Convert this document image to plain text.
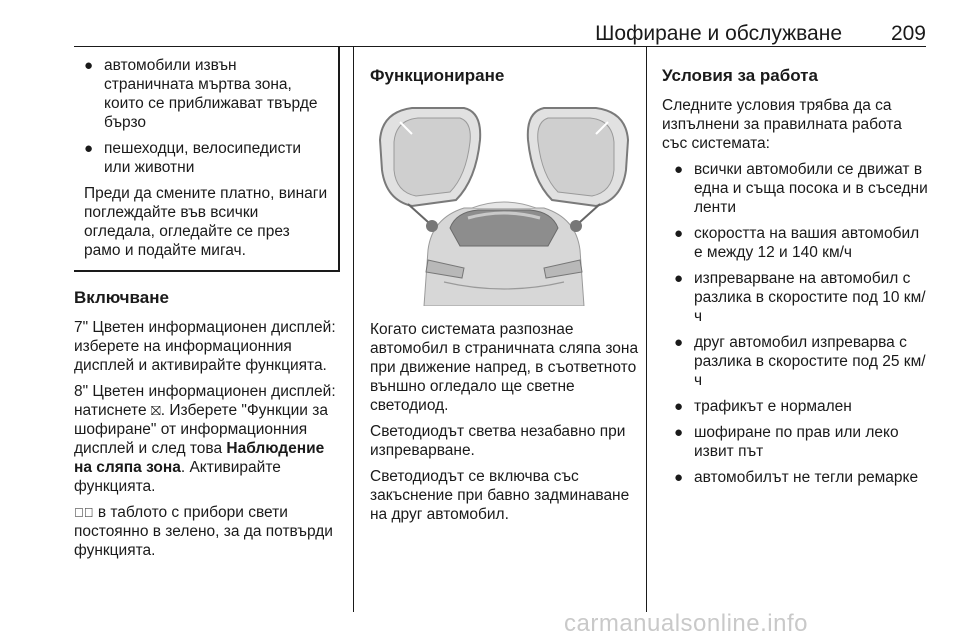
Шофиране и обслужване 209
● автомобили извън страничната мъртва зона, които се приближават твърде бързо
● пешеходци, велосипедисти или животни

Преди да смените платно, винаги поглеждайте във всички огледала, огледайте се през рамо и подайте мигач.

Включване

7" Цветен информационен дисплей: изберете на информационния дисплей и активирайте функцията.

8" Цветен информационен дисплей: натиснете ⛝. Изберете "Функции за шофиране" от информационния дисплей и след това Наблюдение на сляпа зона. Активирайте функцията.

⇠⃝ в таблото с прибори свети постоянно в зелено, за да потвърди функцията.

Функциониране

Когато системата разпознае автомобил в страничната сляпа зона при движение напред, в съответното външно огледало ще светне светодиод.

Светодиодът светва незабавно при изпреварване.

Светодиодът се включва със закъснение при бавно задминаване на друг автомобил.

Условия за работа

Следните условия трябва да са изпълнени за правилната работа със системата:

● всички автомобили се движат в една и съща посока и в съседни ленти
● скоростта на вашия автомобил е между 12 и 140 км/ч
● изпреварване на автомобил с разлика в скоростите под 10 км/ч
● друг автомобил изпреварва с разлика в скоростите под 25 км/ч
● трафикът е нормален
● шофиране по прав или леко извит път
● автомобилът не тегли ремарке
carmanualsonline.info
